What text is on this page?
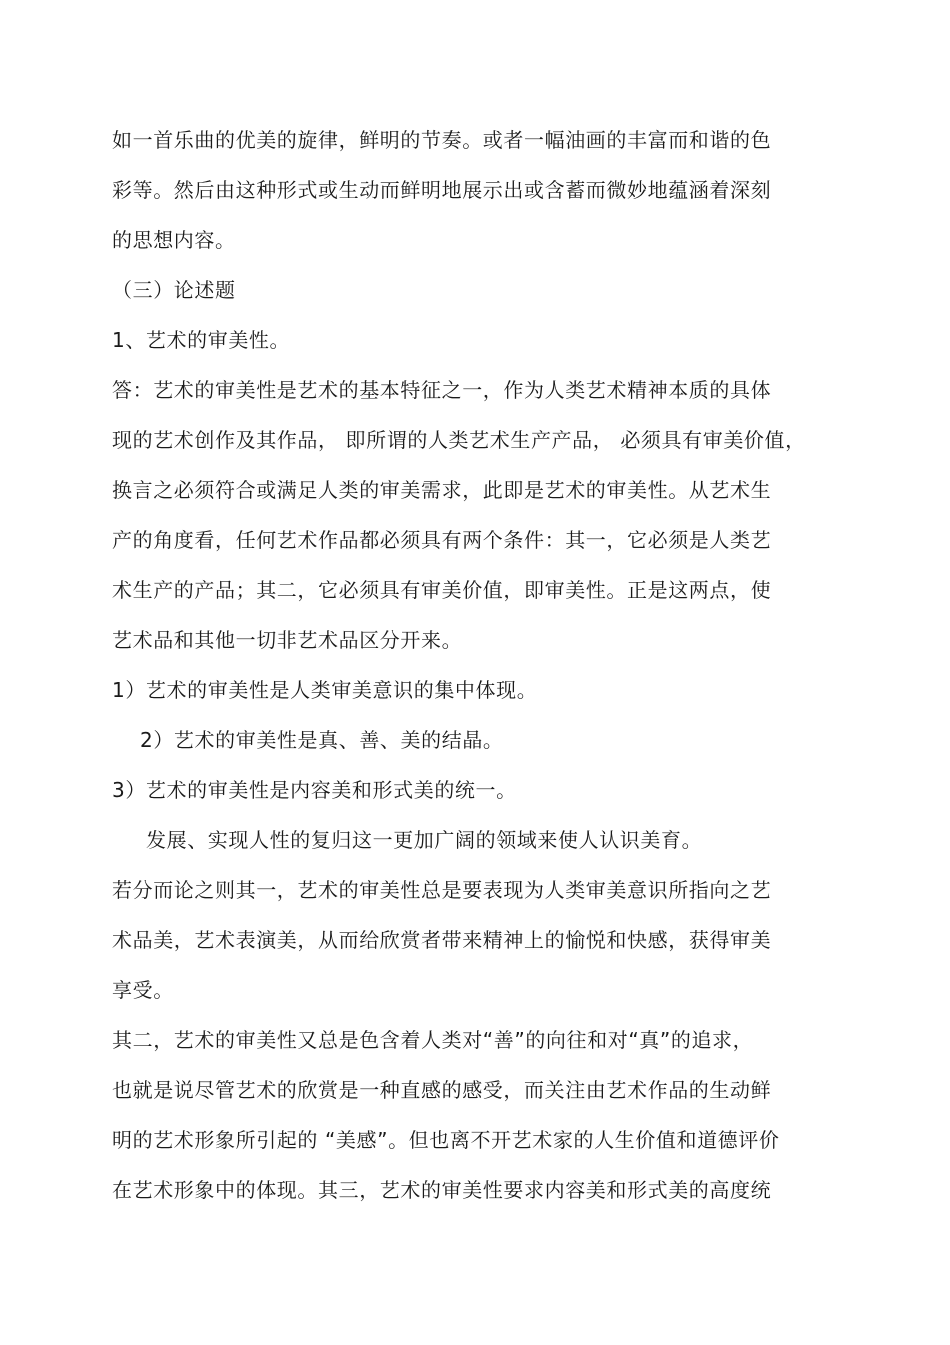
如一首乐曲的优美的旋律，鲜明的节奏。或者一幅油画的丰富而和谐的色
彩等。然后由这种形式或生动而鲜明地展示出或含蓄而微妙地蕴涵着深刻
的思想内容。
（三）论述题
1、艺术的审美性。
答：艺术的审美性是艺术的基本特征之一，作为人类艺术精神本质的具体
现的艺术创作及其作品， 即所谓的人类艺术生产产品， 必须具有审美价值，
换言之必须符合或满足人类的审美需求，此即是艺术的审美性。从艺术生
产的角度看，任何艺术作品都必须具有两个条件：其一，它必须是人类艺
术生产的产品；其二，它必须具有审美价值，即审美性。正是这两点，使
艺术品和其他一切非艺术品区分开来。
1）艺术的审美性是人类审美意识的集中体现。
2）艺术的审美性是真、善、美的结晶。
3）艺术的审美性是内容美和形式美的统一。
发展、实现人性的复归这一更加广阔的领域来使人认识美育。
若分而论之则其一，艺术的审美性总是要表现为人类审美意识所指向之艺
术品美，艺术表演美，从而给欣赏者带来精神上的愉悦和快感，获得审美
享受。
其二，艺术的审美性又总是色含着人类对“善”的向往和对“真”的追求，
也就是说尽管艺术的欣赏是一种直感的感受，而关注由艺术作品的生动鲜
明的艺术形象所引起的 “美感”。但也离不开艺术家的人生价值和道德评价
在艺术形象中的体现。其三，艺术的审美性要求内容美和形式美的高度统
